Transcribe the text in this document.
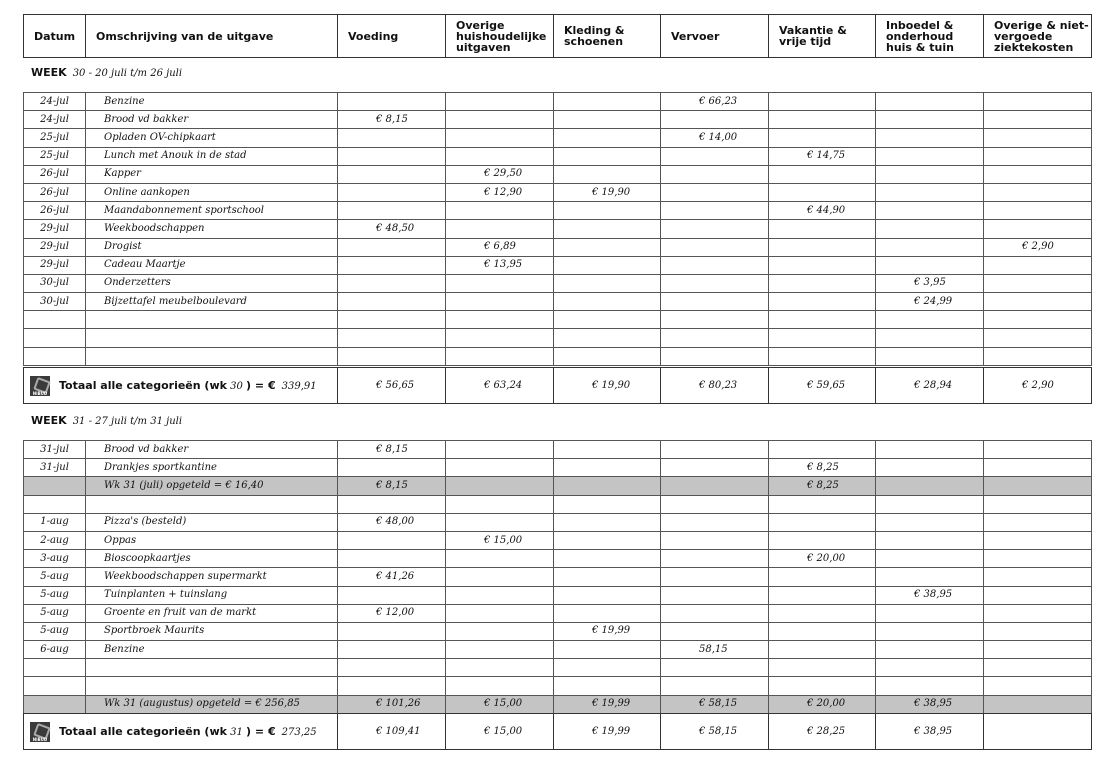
Datum	Omschrijving van de uitgave	Voeding	Overige huishoudelijke uitgaven	Kleding & schoenen	Vervoer	Vakantie & vrije tijd	Inboedel & onderhoud huis & tuin	Overige & niet-vergoede ziektekosten
WEEK 30 - 20 juli t/m 26 juli
24-jul	Benzine				€ 66,23			
24-jul	Brood vd bakker	€ 8,15						
25-jul	Opladen OV-chipkaart				€ 14,00			
25-jul	Lunch met Anouk in de stad					€ 14,75		
26-jul	Kapper		€ 29,50					
26-jul	Online aankopen		€ 12,90	€ 19,90				
26-jul	Maandabonnement sportschool					€ 44,90		
29-jul	Weekboodschappen	€ 48,50						
29-jul	Drogist		€ 6,89					€ 2,90
29-jul	Cadeau Maartje		€ 13,95					
30-jul	Onderzetters						€ 3,95	
30-jul	Bijzettafel meubelboulevard						€ 24,99	

NIBUDTotaal alle categorieën (wk 30 ) = € 339,91	€ 56,65	€ 63,24	€ 19,90	€ 80,23	€ 59,65	€ 28,94	€ 2,90
WEEK 31 - 27 juli t/m 31 juli
31-jul	Brood vd bakker	€ 8,15						
31-jul	Drankjes sportkantine					€ 8,25		
	Wk 31 (juli) opgeteld = € 16,40	€ 8,15				€ 8,25		

1-aug	Pizza's (besteld)	€ 48,00						
2-aug	Oppas		€ 15,00					
3-aug	Bioscoopkaartjes					€ 20,00		
5-aug	Weekboodschappen supermarkt	€ 41,26						
5-aug	Tuinplanten + tuinslang						€ 38,95	
5-aug	Groente en fruit van de markt	€ 12,00						
5-aug	Sportbroek Maurits			€ 19,99				
6-aug	Benzine				58,15			

	Wk 31 (augustus) opgeteld = € 256,85	€ 101,26	€ 15,00	€ 19,99	€ 58,15	€ 20,00	€ 38,95	
NIBUDTotaal alle categorieën (wk 31 ) = € 273,25	€ 109,41	€ 15,00	€ 19,99	€ 58,15	€ 28,25	€ 38,95	
